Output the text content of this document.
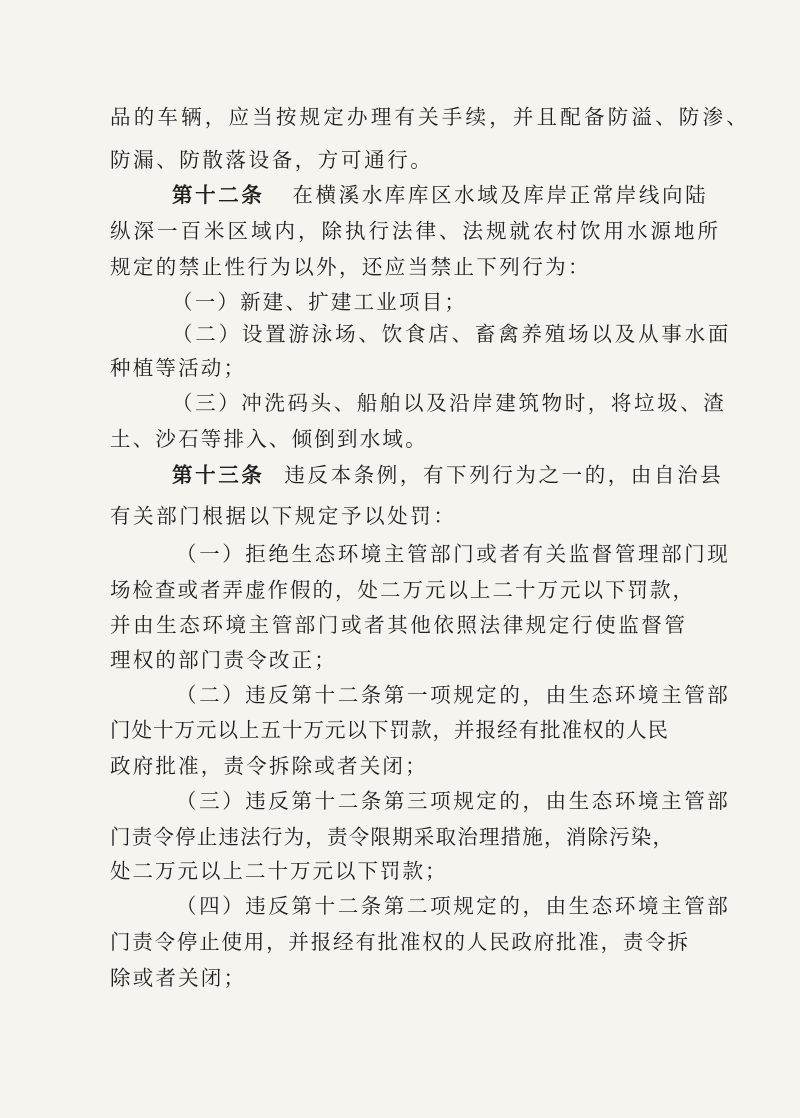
品的车辆，应当按规定办理有关手续，并且配备防溢、防渗、
防漏、防散落设备，方可通行。
第十二条 在横溪水库库区水域及库岸正常岸线向陆
纵深一百米区域内，除执行法律、法规就农村饮用水源地所
规定的禁止性行为以外，还应当禁止下列行为：
（一）新建、扩建工业项目；
（二）设置游泳场、饮食店、畜禽养殖场以及从事水面
种植等活动；
（三）冲洗码头、船舶以及沿岸建筑物时，将垃圾、渣
土、沙石等排入、倾倒到水域。
第十三条 违反本条例，有下列行为之一的，由自治县
有关部门根据以下规定予以处罚：
（一）拒绝生态环境主管部门或者有关监督管理部门现
场检查或者弄虚作假的，处二万元以上二十万元以下罚款，
并由生态环境主管部门或者其他依照法律规定行使监督管
理权的部门责令改正；
（二）违反第十二条第一项规定的，由生态环境主管部
门处十万元以上五十万元以下罚款，并报经有批准权的人民
政府批准，责令拆除或者关闭；
（三）违反第十二条第三项规定的，由生态环境主管部
门责令停止违法行为，责令限期采取治理措施，消除污染，
处二万元以上二十万元以下罚款；
（四）违反第十二条第二项规定的，由生态环境主管部
门责令停止使用，并报经有批准权的人民政府批准，责令拆
除或者关闭；
